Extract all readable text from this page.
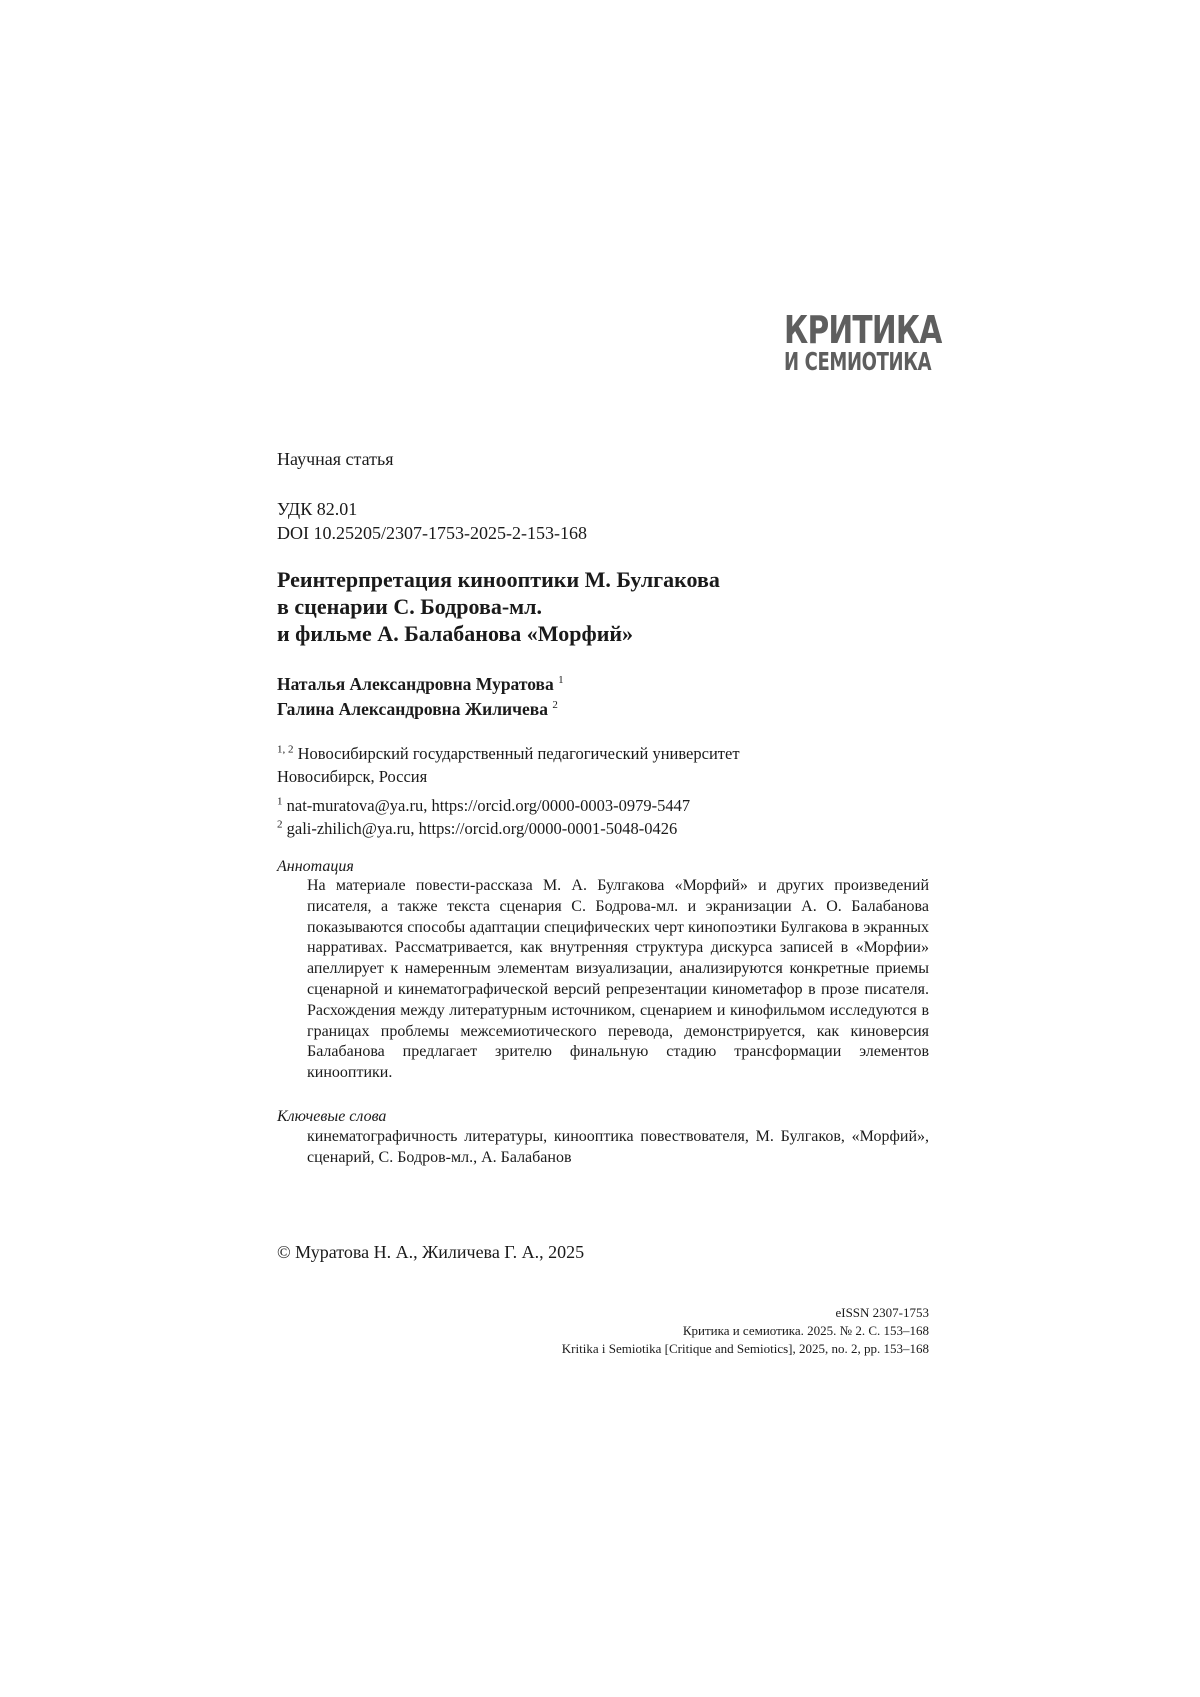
КРИТИКА
И СЕМИОТИКА
Научная статья
УДК 82.01
DOI 10.25205/2307-1753-2025-2-153-168
Реинтерпретация кинооптики М. Булгакова
в сценарии С. Бодрова-мл.
и фильме А. Балабанова «Морфий»
Наталья Александровна Муратова 1
Галина Александровна Жиличева 2
1, 2 Новосибирский государственный педагогический университет
Новосибирск, Россия
1 nat-muratova@ya.ru, https://orcid.org/0000-0003-0979-5447
2 gali-zhilich@ya.ru, https://orcid.org/0000-0001-5048-0426
Аннотация
На материале повести-рассказа М. А. Булгакова «Морфий» и других произ­ведений писателя, а также текста сценария С. Бодрова-мл. и экранизации А. О. Балабанова показываются способы адаптации специфических черт кино­поэтики Булгакова в экранных нарративах. Рассматривается, как внутренняя структура дискурса записей в «Морфии» апеллирует к намеренным элементам визуализации, анализируются конкретные приемы сценарной и кинематогра­фической версий репрезентации кинометафор в прозе писателя. Расхождения между литературным источником, сценарием и кинофильмом исследуются в границах проблемы межсемиотического перевода, демонстрируется, как ки­новерсия Балабанова предлагает зрителю финальную стадию трансформации элементов кинооптики.
Ключевые слова
кинематографичность литературы, кинооптика повествователя, М. Булгаков, «Морфий», сценарий, С. Бодров-мл., А. Балабанов
© Муратова Н. А., Жиличева Г. А., 2025
eISSN 2307-1753
Критика и семиотика. 2025. № 2. С. 153–168
Kritika i Semiotika [Critique and Semiotics], 2025, no. 2, pp. 153–168
